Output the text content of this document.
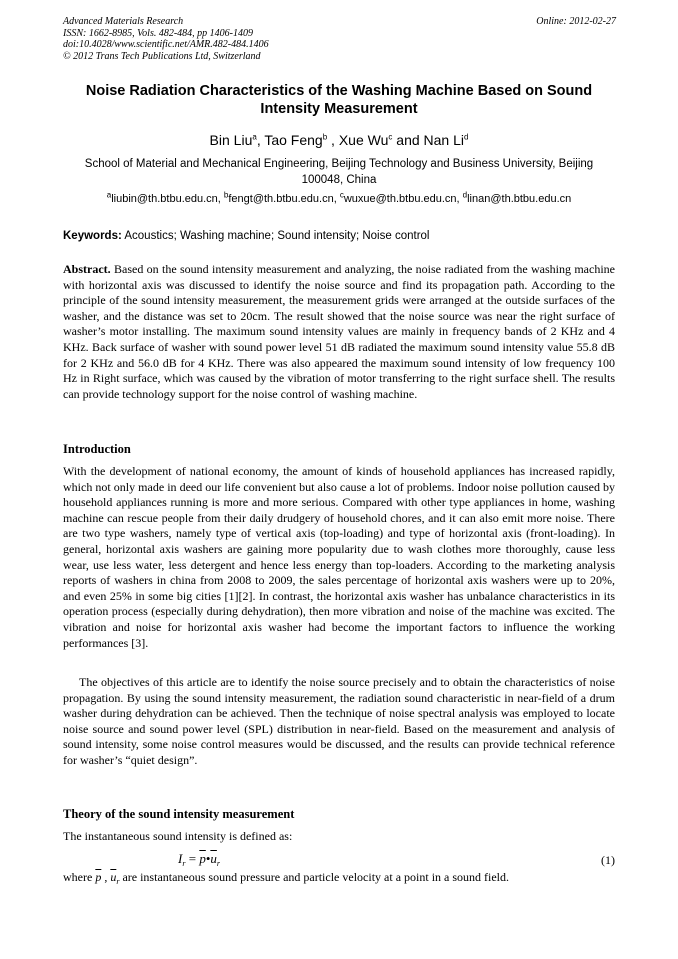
Advanced Materials Research
ISSN: 1662-8985, Vols. 482-484, pp 1406-1409
doi:10.4028/www.scientific.net/AMR.482-484.1406
© 2012 Trans Tech Publications Ltd, Switzerland
Online: 2012-02-27
Noise Radiation Characteristics of the Washing Machine Based on Sound Intensity Measurement
Bin Liu$^a$, Tao Feng$^b$ , Xue Wu$^c$ and Nan Li$^d$
School of Material and Mechanical Engineering, Beijing Technology and Business University, Beijing 100048, China
$^a$liubin@th.btbu.edu.cn, $^b$fengt@th.btbu.edu.cn, $^c$wuxue@th.btbu.edu.cn, $^d$linan@th.btbu.edu.cn
Keywords: Acoustics; Washing machine; Sound intensity; Noise control
Abstract. Based on the sound intensity measurement and analyzing, the noise radiated from the washing machine with horizontal axis was discussed to identify the noise source and find its propagation path. According to the principle of the sound intensity measurement, the measurement grids were arranged at the outside surfaces of the washer, and the distance was set to 20cm. The result showed that the noise source was near the right surface of washer’s motor installing. The maximum sound intensity values are mainly in frequency bands of 2 KHz and 4 KHz. Back surface of washer with sound power level 51 dB radiated the maximum sound intensity value 55.8 dB for 2 KHz and 56.0 dB for 4 KHz. There was also appeared the maximum sound intensity of low frequency 100 Hz in Right surface, which was caused by the vibration of motor transferring to the right surface shell. The results can provide technology support for the noise control of washing machine.
Introduction
With the development of national economy, the amount of kinds of household appliances has increased rapidly, which not only made in deed our life convenient but also cause a lot of problems. Indoor noise pollution caused by household appliances running is more and more serious. Compared with other type appliances in home, washing machine can rescue people from their daily drudgery of household chores, and it can also emit more noise. There are two type washers, namely type of vertical axis (top-loading) and type of horizontal axis (front-loading). In general, horizontal axis washers are gaining more popularity due to wash clothes more thoroughly, cause less wear, use less water, less detergent and hence less energy than top-loaders. According to the marketing analysis reports of washers in china from 2008 to 2009, the sales percentage of horizontal axis washers were up to 20%, and even 25% in some big cities [1][2]. In contrast, the horizontal axis washer has unbalance characteristics in its operation process (especially during dehydration), then more vibration and noise of the machine was excited. The vibration and noise for horizontal axis washer had become the important factors to influence the working performances [3].
The objectives of this article are to identify the noise source precisely and to obtain the characteristics of noise propagation. By using the sound intensity measurement, the radiation sound characteristic in near-field of a drum washer during dehydration can be achieved. Then the technique of noise spectral analysis was employed to locate noise source and sound power level (SPL) distribution in near-field. Based on the measurement and analysis of sound intensity, some noise control measures would be discussed, and the results can provide technical reference for washer’s “quiet design”.
Theory of the sound intensity measurement
The instantaneous sound intensity is defined as:
$I_r$ = $\overline{p}•\overline{u}_r$	(1)
where $\overline{p}$ , $\overline{u}_r$ are instantaneous sound pressure and particle velocity at a point in a sound field.
